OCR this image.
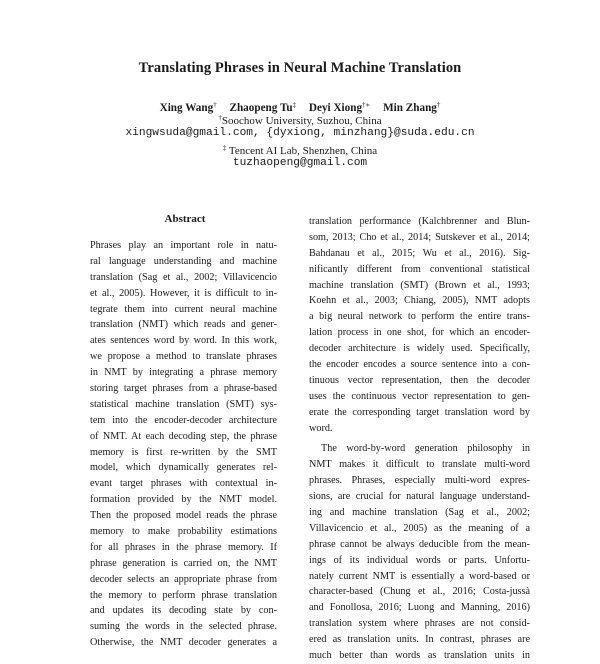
Translating Phrases in Neural Machine Translation
Xing Wang† Zhaopeng Tu‡ Deyi Xiong†∗ Min Zhang†
†Soochow University, Suzhou, China
xingwsuda@gmail.com, {dyxiong, minzhang}@suda.edu.cn
‡ Tencent AI Lab, Shenzhen, China
tuzhaopeng@gmail.com
Abstract
Phrases play an important role in natu-
ral language understanding and machine
translation (Sag et al., 2002; Villavicencio
et al., 2005). However, it is difficult to in-
tegrate them into current neural machine
translation (NMT) which reads and gener-
ates sentences word by word. In this work,
we propose a method to translate phrases
in NMT by integrating a phrase memory
storing target phrases from a phrase-based
statistical machine translation (SMT) sys-
tem into the encoder-decoder architecture
of NMT. At each decoding step, the phrase
memory is first re-written by the SMT
model, which dynamically generates rel-
evant target phrases with contextual in-
formation provided by the NMT model.
Then the proposed model reads the phrase
memory to make probability estimations
for all phrases in the phrase memory. If
phrase generation is carried on, the NMT
decoder selects an appropriate phrase from
the memory to perform phrase translation
and updates its decoding state by con-
suming the words in the selected phrase.
Otherwise, the NMT decoder generates a
translation performance (Kalchbrenner and Blun-
som, 2013; Cho et al., 2014; Sutskever et al., 2014;
Bahdanau et al., 2015; Wu et al., 2016). Sig-
nificantly different from conventional statistical
machine translation (SMT) (Brown et al., 1993;
Koehn et al., 2003; Chiang, 2005), NMT adopts
a big neural network to perform the entire trans-
lation process in one shot, for which an encoder-
decoder architecture is widely used. Specifically,
the encoder encodes a source sentence into a con-
tinuous vector representation, then the decoder
uses the continuous vector representation to gen-
erate the corresponding target translation word by
word.
The word-by-word generation philosophy in
NMT makes it difficult to translate multi-word
phrases. Phrases, especially multi-word expres-
sions, are crucial for natural language understand-
ing and machine translation (Sag et al., 2002;
Villavicencio et al., 2005) as the meaning of a
phrase cannot be always deducible from the mean-
ings of its individual words or parts. Unfortu-
nately current NMT is essentially a word-based or
character-based (Chung et al., 2016; Costa-jussà
and Fonollosa, 2016; Luong and Manning, 2016)
translation system where phrases are not consid-
ered as translation units. In contrast, phrases are
much better than words as translation units in
